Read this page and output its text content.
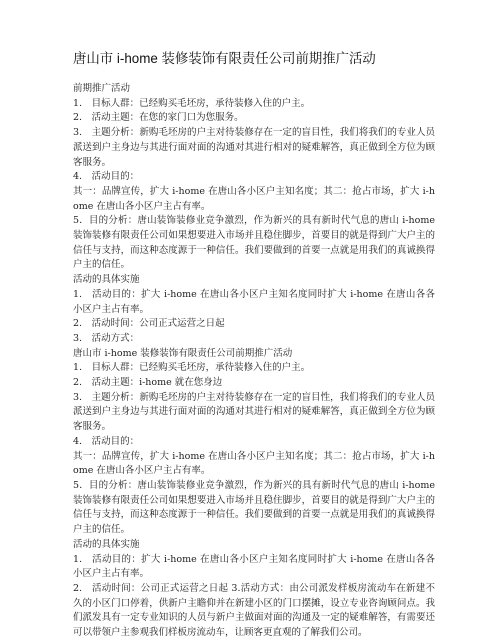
唐山市 i-home 装修装饰有限责任公司前期推广活动

前期推广活动

1.　目标人群：已经购买毛坯房，承待装修入住的户主。

2.　活动主题：在您的家门口为您服务。

3.　主题分析：新购毛坯房的户主对待装修存在一定的盲目性，我们将我们的专业人员派送到户主身边与其进行面对面的沟通对其进行相对的疑难解答，真正做到全方位为顾客服务。

4.　活动目的：

其一：品牌宣传，扩大 i-home 在唐山各小区户主知名度；其二：抢占市场，扩大 i-home 在唐山各小区户主占有率。

5．目的分析：唐山装饰装修业竞争激烈，作为新兴的具有新时代气息的唐山 i-home 装饰装修有限责任公司如果想要进入市场并且稳住脚步，首要目的就是得到广大户主的信任与支持，而这种态度源于一种信任。我们要做到的首要一点就是用我们的真诚换得户主的信任。

活动的具体实施

1.　活动目的：扩大 i-home 在唐山各小区户主知名度同时扩大 i-home 在唐山各各小区户主占有率。

2.　活动时间：公司正式运营之日起

3.　活动方式：

唐山市 i-home 装修装饰有限责任公司前期推广活动

1.　目标人群：已经购买毛坯房，承待装修入住的户主。

2.　活动主题：i-home 就在您身边

3.　主题分析：新购毛坯房的户主对待装修存在一定的盲目性，我们将我们的专业人员派送到户主身边与其进行面对面的沟通对其进行相对的疑难解答，真正做到全方位为顾客服务。

4.　活动目的：

其一：品牌宣传，扩大 i-home 在唐山各小区户主知名度；其二：抢占市场，扩大 i-home 在唐山各小区户主占有率。

5．目的分析：唐山装饰装修业竞争激烈，作为新兴的具有新时代气息的唐山 i-home 装饰装修有限责任公司如果想要进入市场并且稳住脚步，首要目的就是得到广大户主的信任与支持，而这种态度源于一种信任。我们要做到的首要一点就是用我们的真诚换得户主的信任。

活动的具体实施

1.　活动目的：扩大 i-home 在唐山各小区户主知名度同时扩大 i-home 在唐山各各小区户主占有率。

2.　活动时间：公司正式运营之日起 3.活动方式：由公司派发样板房流动车在新建不久的小区门口停着，供新户主瞻仰并在新建小区的门口摆摊，设立专业咨询顾问点。我们派发具有一定专业知识的人员与新户主做面对面的沟通及一定的疑难解答，有需要还可以带领户主参观我们样板房流动车，让顾客更直观的了解我们公司。
